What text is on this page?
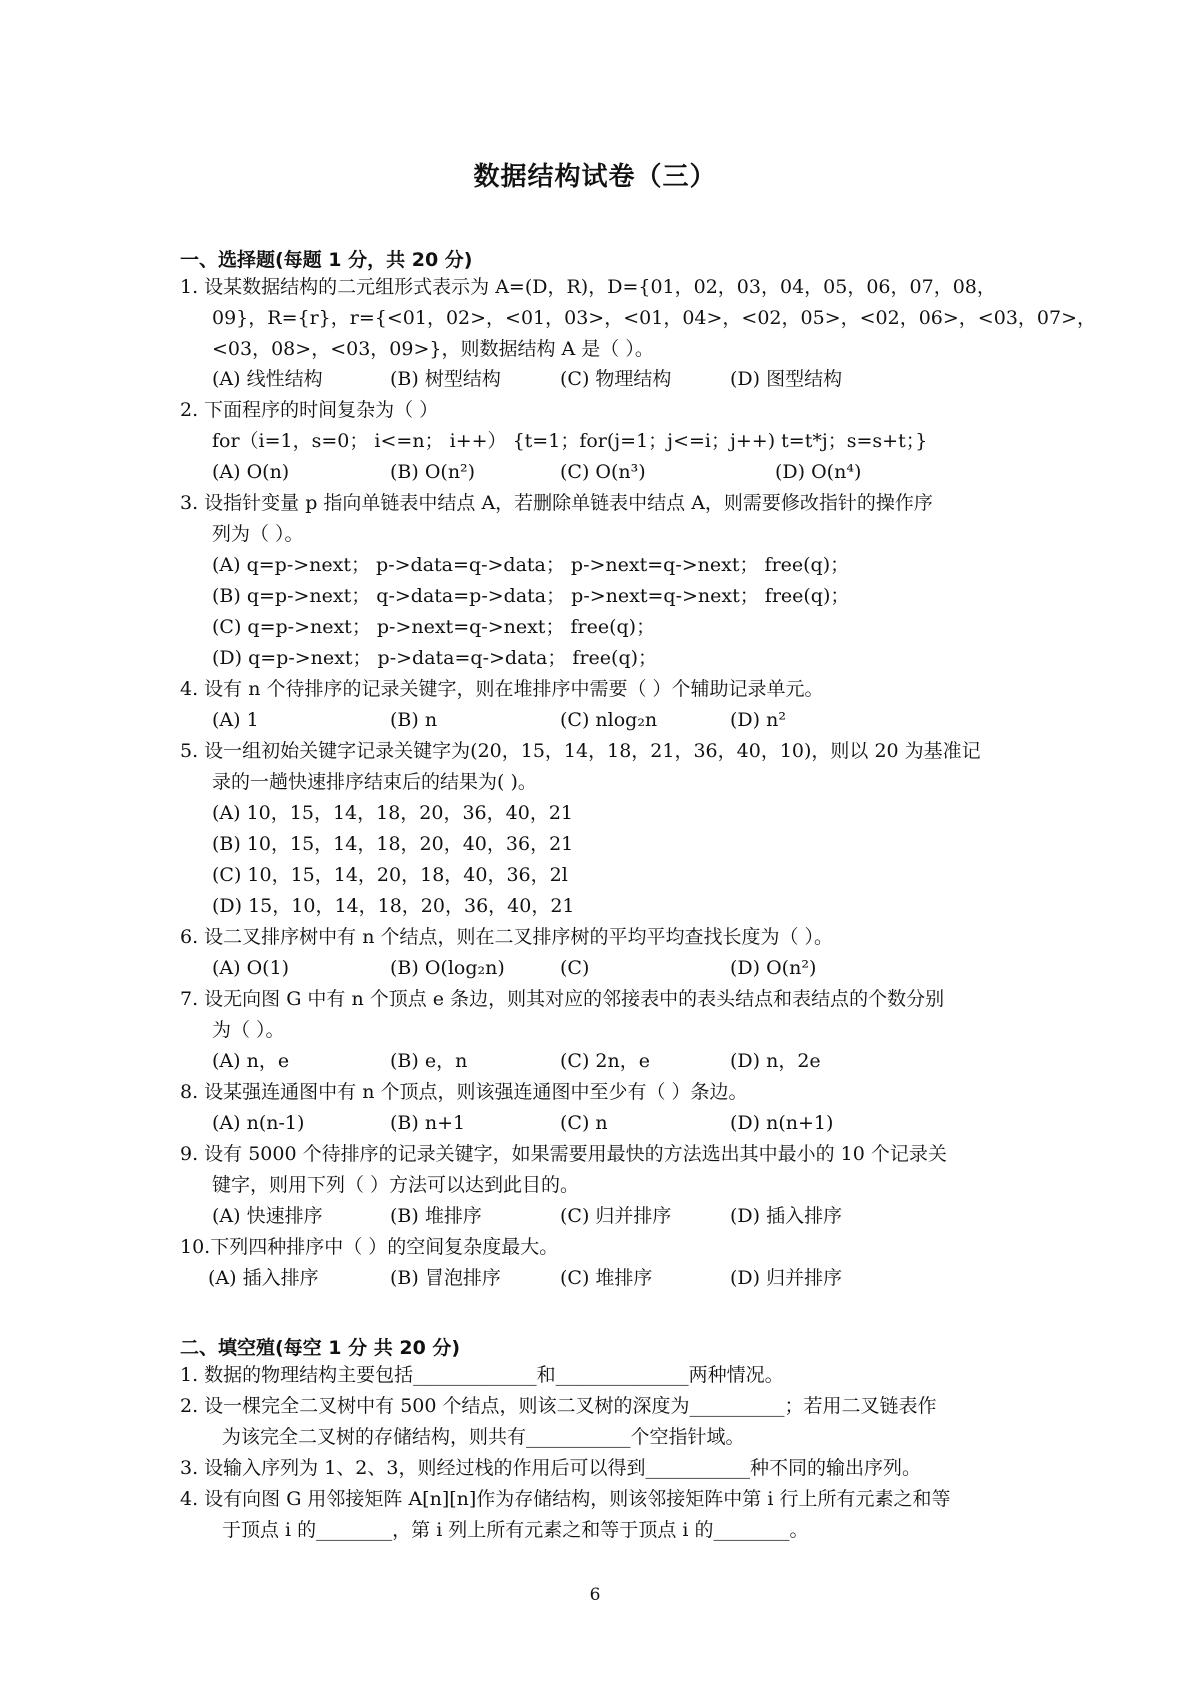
数据结构试卷（三）
一、选择题(每题 1 分，共 20 分)
1. 设某数据结构的二元组形式表示为 A=(D，R)，D={01，02，03，04，05，06，07，08，
09}，R={r}，r={<01，02>，<01，03>，<01，04>，<02，05>，<02，06>，<03，07>，
<03，08>，<03，09>}，则数据结构 A 是（ ）。
(A) 线性结构	(B) 树型结构	(C) 物理结构	(D) 图型结构
2. 下面程序的时间复杂为（ ）
for（i=1，s=0； i<=n； i++） {t=1；for(j=1；j<=i；j++) t=t*j；s=s+t；}
(A) O(n)	(B) O(n²)	(C) O(n³)	(D) O(n⁴)
3. 设指针变量 p 指向单链表中结点 A，若删除单链表中结点 A，则需要修改指针的操作序
列为（ ）。
(A) q=p->next； p->data=q->data； p->next=q->next； free(q)；
(B) q=p->next； q->data=p->data； p->next=q->next； free(q)；
(C) q=p->next； p->next=q->next； free(q)；
(D) q=p->next； p->data=q->data； free(q)；
4. 设有 n 个待排序的记录关键字，则在堆排序中需要（ ）个辅助记录单元。
(A) 1	(B) n	(C) nlog₂n	(D) n²
5. 设一组初始关键字记录关键字为(20，15，14，18，21，36，40，10)，则以 20 为基准记
录的一趟快速排序结束后的结果为( )。
(A) 10，15，14，18，20，36，40，21
(B) 10，15，14，18，20，40，36，21
(C) 10，15，14，20，18，40，36，2l
(D) 15，10，14，18，20，36，40，21
6. 设二叉排序树中有 n 个结点，则在二叉排序树的平均平均查找长度为（ ）。
(A) O(1)	(B) O(log₂n)	(C)	(D) O(n²)
7. 设无向图 G 中有 n 个顶点 e 条边，则其对应的邻接表中的表头结点和表结点的个数分别
为（ ）。
(A) n，e	(B) e，n	(C) 2n，e	(D) n，2e
8. 设某强连通图中有 n 个顶点，则该强连通图中至少有（ ）条边。
(A) n(n-1)	(B) n+1	(C) n	(D) n(n+1)
9. 设有 5000 个待排序的记录关键字，如果需要用最快的方法选出其中最小的 10 个记录关
键字，则用下列（ ）方法可以达到此目的。
(A) 快速排序	(B) 堆排序	(C) 归并排序	(D) 插入排序
10.下列四种排序中（ ）的空间复杂度最大。
(A) 插入排序	(B) 冒泡排序	(C) 堆排序	(D) 归并排序
二、填空殖(每空 1 分 共 20 分)
1. 数据的物理结构主要包括_____________和______________两种情况。
2. 设一棵完全二叉树中有 500 个结点，则该二叉树的深度为__________；若用二叉链表作
为该完全二叉树的存储结构，则共有___________个空指针域。
3. 设输入序列为 1、2、3，则经过栈的作用后可以得到___________种不同的输出序列。
4. 设有向图 G 用邻接矩阵 A[n][n]作为存储结构，则该邻接矩阵中第 i 行上所有元素之和等
于顶点 i 的________，第 i 列上所有元素之和等于顶点 i 的________。
6
